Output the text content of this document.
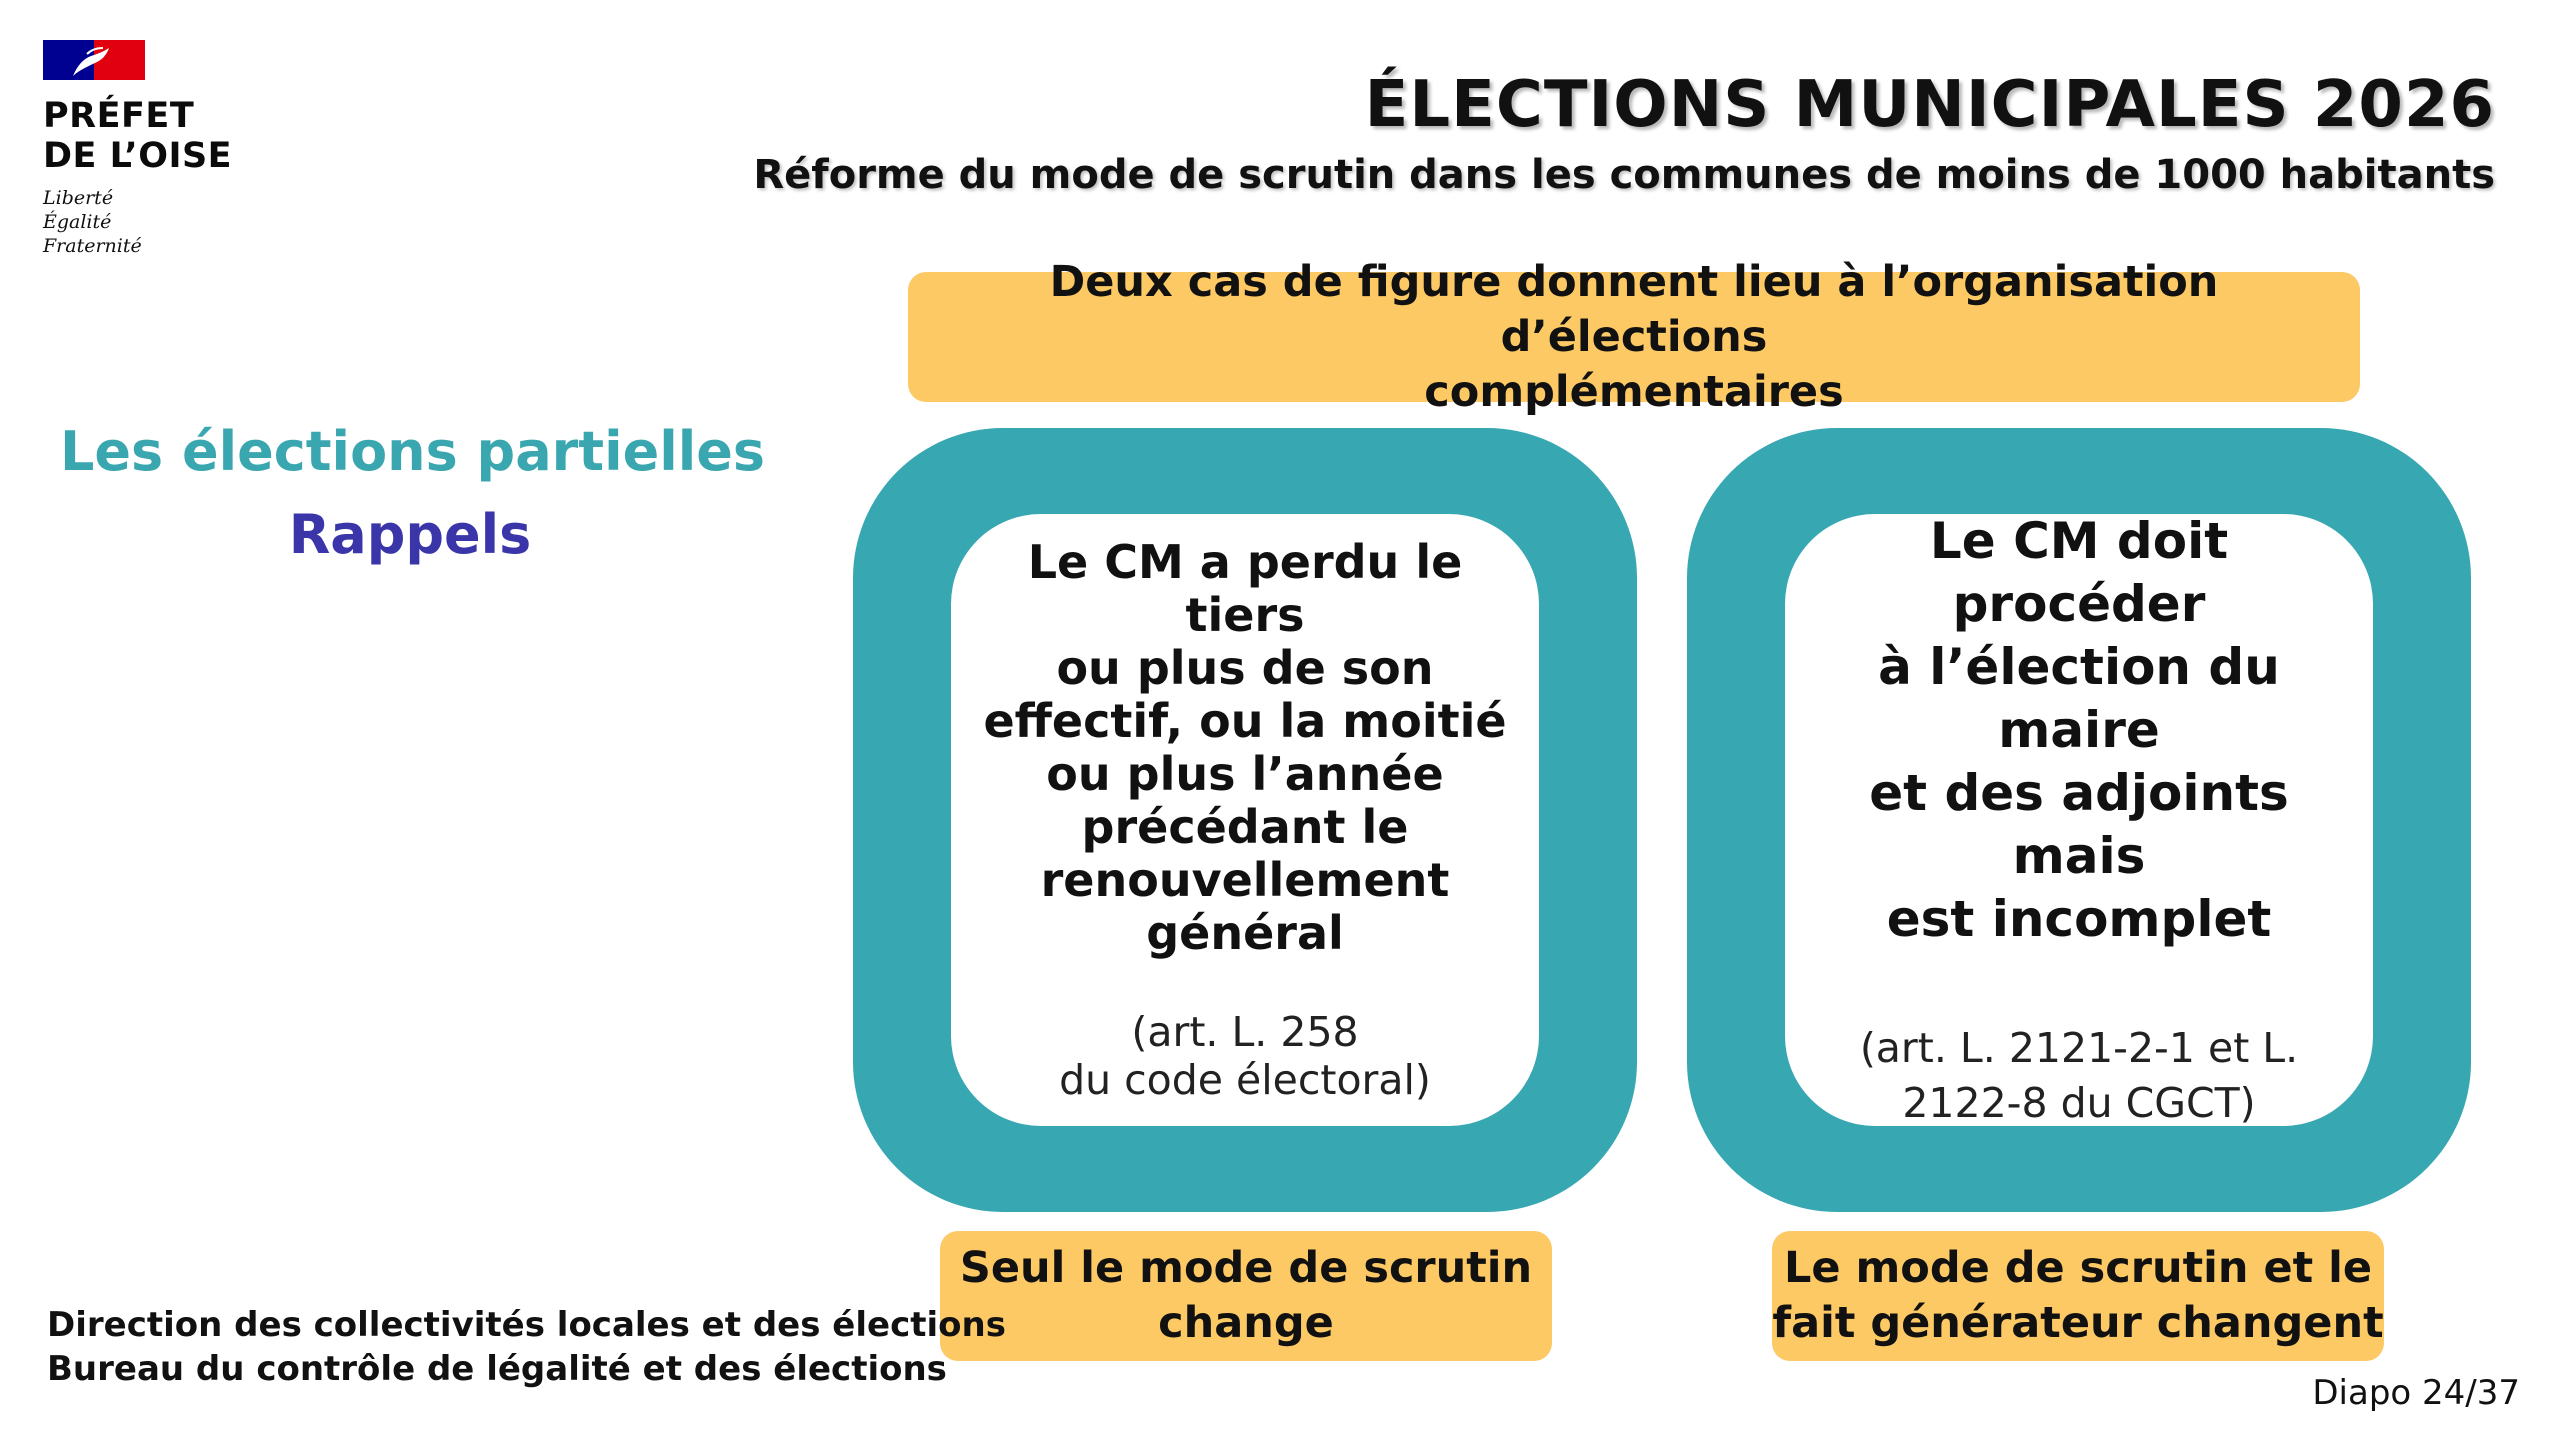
PRÉFET
DE L’OISE
Liberté
Égalité
Fraternité
ÉLECTIONS MUNICIPALES 2026
Réforme du mode de scrutin dans les communes de moins de 1000 habitants
Les élections partielles
Rappels
Deux cas de figure donnent lieu à l’organisation d’élections
complémentaires
Le CM a perdu le tiers
ou plus de son
effectif, ou la moitié
ou plus l’année
précédant le
renouvellement
général
(art. L. 258
du code électoral)
Le CM doit procéder
à l’élection du maire
et des adjoints mais
est incomplet
(art. L. 2121-2-1 et L.
2122-8 du CGCT)
Seul le mode de scrutin
change
Le mode de scrutin et le
fait générateur changent
Direction des collectivités locales et des élections
Bureau du contrôle de légalité et des élections
Diapo 24/37
